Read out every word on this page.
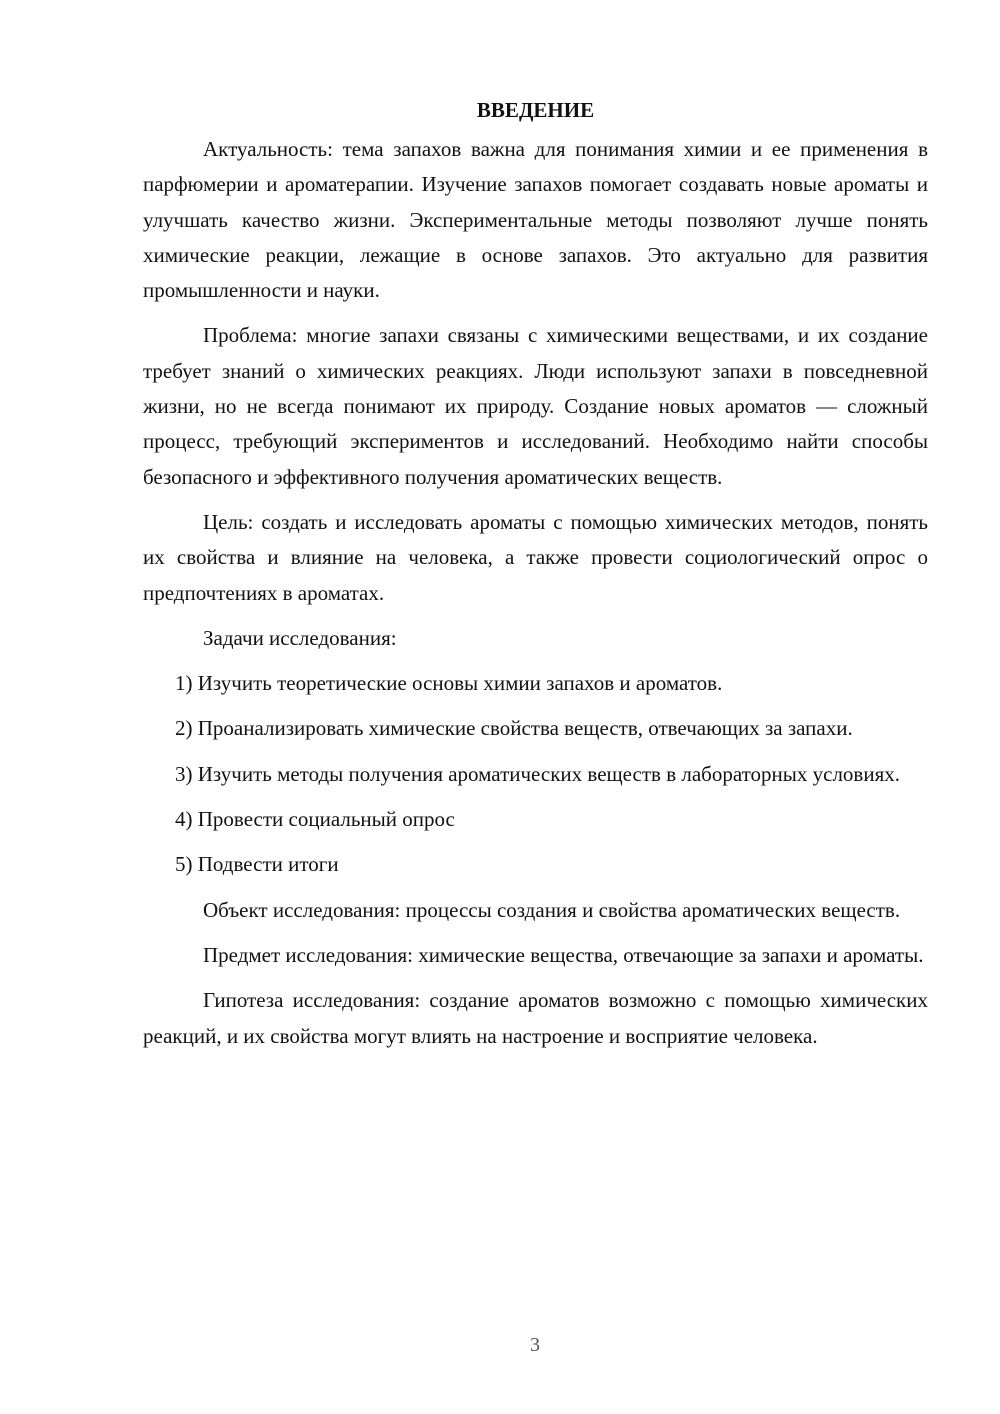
ВВЕДЕНИЕ

Актуальность: тема запахов важна для понимания химии и ее применения в парфюмерии и ароматерапии. Изучение запахов помогает создавать новые ароматы и улучшать качество жизни. Экспериментальные методы позволяют лучше понять химические реакции, лежащие в основе запахов. Это актуально для развития промышленности и науки.

Проблема: многие запахи связаны с химическими веществами, и их создание требует знаний о химических реакциях. Люди используют запахи в повседневной жизни, но не всегда понимают их природу. Создание новых ароматов — сложный процесс, требующий экспериментов и исследований. Необходимо найти способы безопасного и эффективного получения ароматических веществ.

Цель: создать и исследовать ароматы с помощью химических методов, понять их свойства и влияние на человека, а также провести социологический опрос о предпочтениях в ароматах.

Задачи исследования:

1) Изучить теоретические основы химии запахов и ароматов.

2) Проанализировать химические свойства веществ, отвечающих за запахи.

3) Изучить методы получения ароматических веществ в лабораторных условиях.

4) Провести социальный опрос

5) Подвести итоги

Объект исследования: процессы создания и свойства ароматических веществ.

Предмет исследования: химические вещества, отвечающие за запахи и ароматы.

Гипотеза исследования: создание ароматов возможно с помощью химических реакций, и их свойства могут влиять на настроение и восприятие человека.

3
